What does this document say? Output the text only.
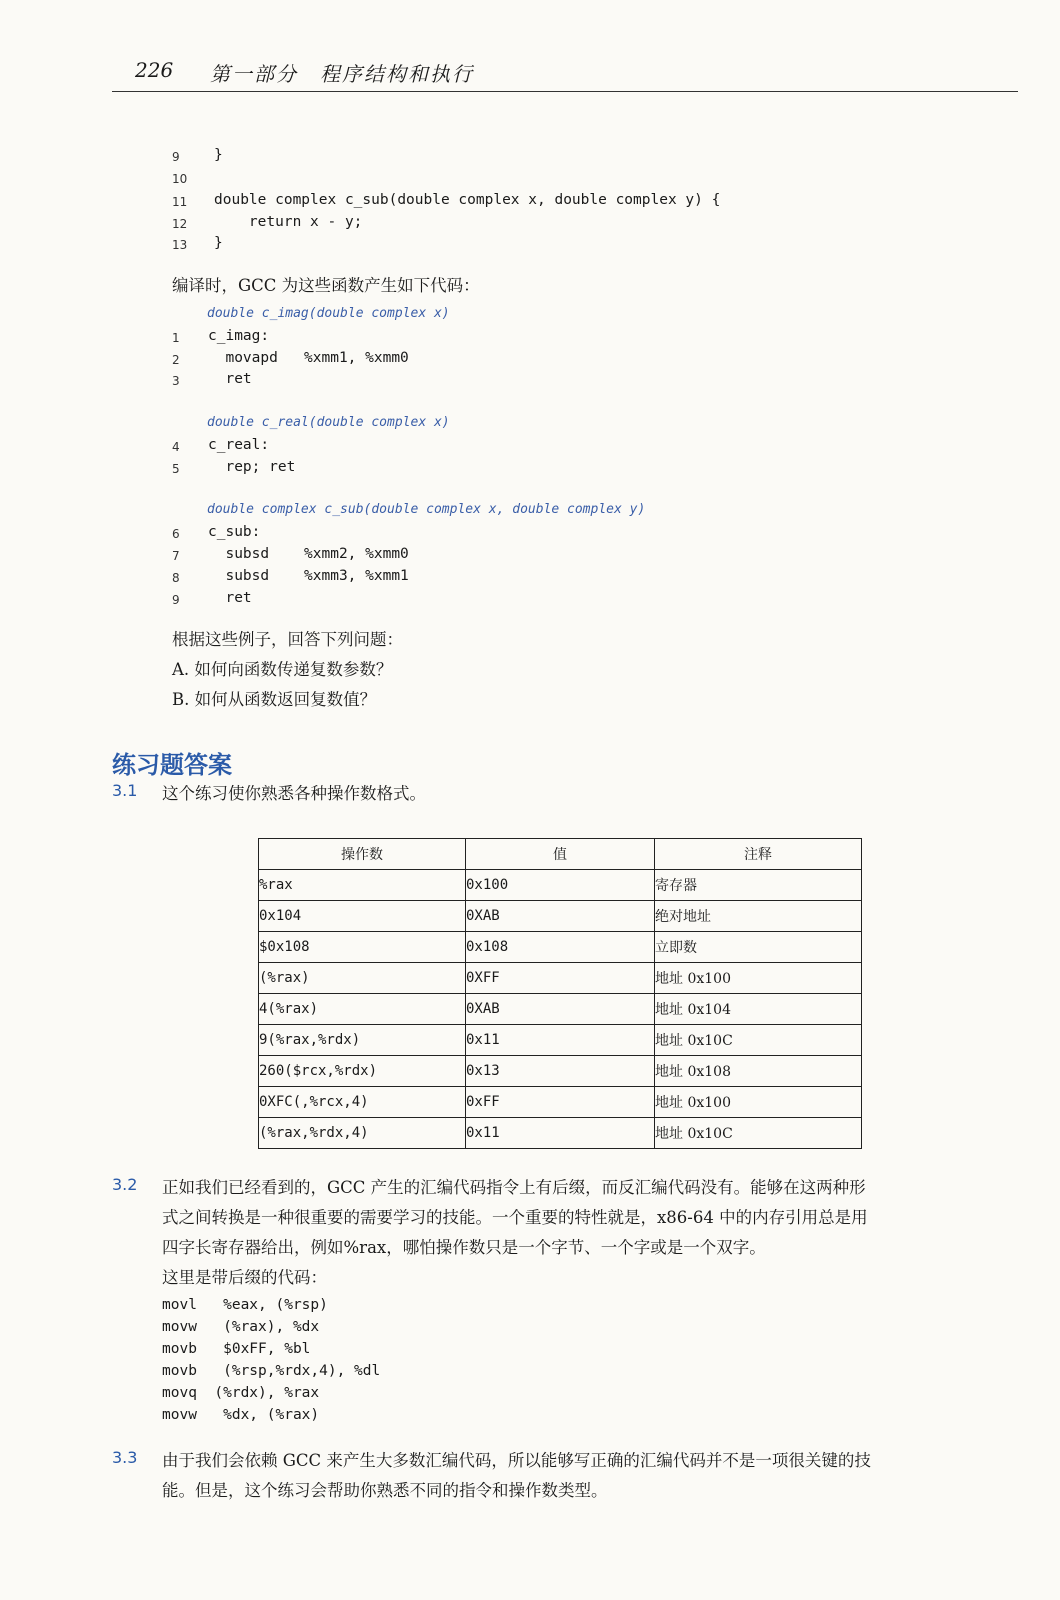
226 第一部分　程序结构和执行

9

	}

10

11

	double complex c_sub(double complex x, double complex y) {

12

	return x - y;

13

	}

编译时，GCC 为这些函数产生如下代码：
double c_imag(double complex x)

1

	c_imag:

2

	movapd   %xmm1, %xmm0

3

	ret

double c_real(double complex x)

4

	c_real:

5

	rep; ret

double complex c_sub(double complex x, double complex y)

6

	c_sub:

7

	subsd    %xmm2, %xmm0

8

	subsd    %xmm3, %xmm1

9

	ret

根据这些例子，回答下列问题：
A. 如何向函数传递复数参数？
B. 如何从函数返回复数值？
练习题答案
3.1 这个练习使你熟悉各种操作数格式。
操作数	值	注释

%rax	0x100	寄存器
0x104	0XAB	绝对地址
$0x108	0x108	立即数
(%rax)	0XFF	地址 0x100
4(%rax)	0XAB	地址 0x104
9(%rax,%rdx)	0x11	地址 0x10C
260($rcx,%rdx)	0x13	地址 0x108
0XFC(,%rcx,4)	0xFF	地址 0x100
(%rax,%rdx,4)	0x11	地址 0x10C
3.2 正如我们已经看到的，GCC 产生的汇编代码指令上有后缀，而反汇编代码没有。能够在这两种形
式之间转换是一种很重要的需要学习的技能。一个重要的特性就是，x86-64 中的内存引用总是用
四字长寄存器给出，例如%rax，哪怕操作数只是一个字节、一个字或是一个双字。
这里是带后缀的代码：
movl   %eax, (%rsp)
movw   (%rax), %dx
movb   $0xFF, %bl
movb   (%rsp,%rdx,4), %dl
movq  (%rdx), %rax
movw   %dx, (%rax)
3.3 由于我们会依赖 GCC 来产生大多数汇编代码，所以能够写正确的汇编代码并不是一项很关键的技
能。但是，这个练习会帮助你熟悉不同的指令和操作数类型。
